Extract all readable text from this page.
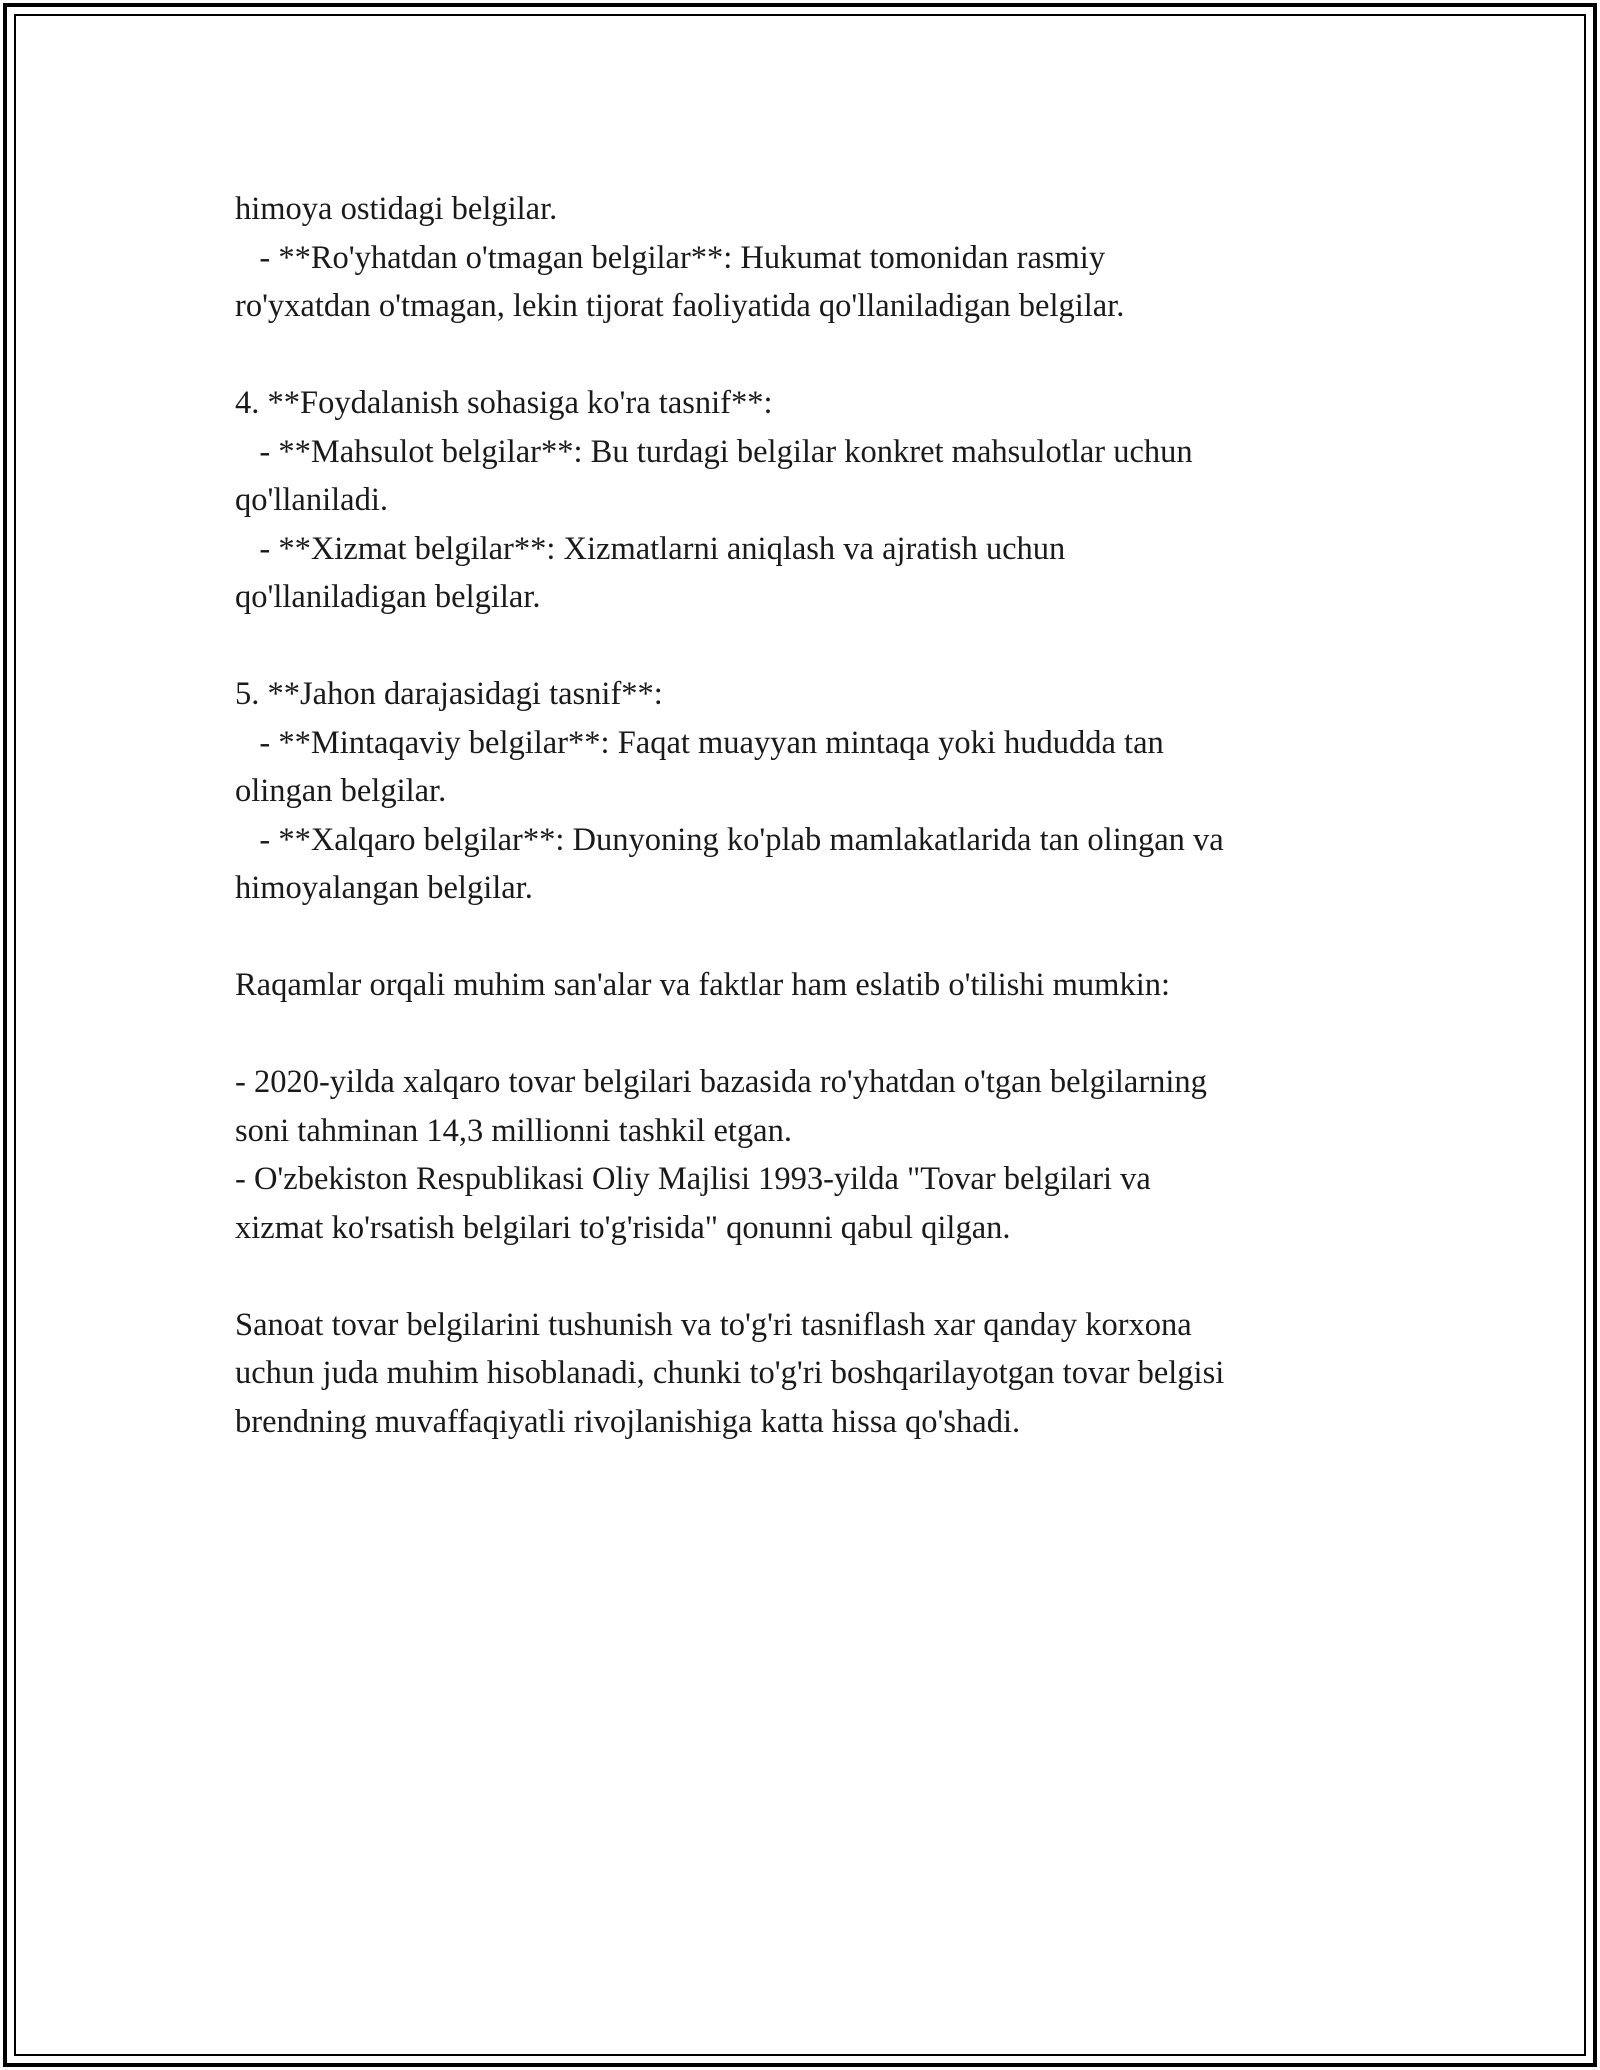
himoya ostidagi belgilar.
- **Ro'yhatdan o'tmagan belgilar**: Hukumat tomonidan rasmiy
ro'yxatdan o'tmagan, lekin tijorat faoliyatida qo'llaniladigan belgilar.
4. **Foydalanish sohasiga ko'ra tasnif**:
- **Mahsulot belgilar**: Bu turdagi belgilar konkret mahsulotlar uchun
qo'llaniladi.
- **Xizmat belgilar**: Xizmatlarni aniqlash va ajratish uchun
qo'llaniladigan belgilar.
5. **Jahon darajasidagi tasnif**:
- **Mintaqaviy belgilar**: Faqat muayyan mintaqa yoki hududda tan
olingan belgilar.
- **Xalqaro belgilar**: Dunyoning ko'plab mamlakatlarida tan olingan va
himoyalangan belgilar.
Raqamlar orqali muhim san'alar va faktlar ham eslatib o'tilishi mumkin:
- 2020-yilda xalqaro tovar belgilari bazasida ro'yhatdan o'tgan belgilarning
soni tahminan 14,3 millionni tashkil etgan.
- O'zbekiston Respublikasi Oliy Majlisi 1993-yilda "Tovar belgilari va
xizmat ko'rsatish belgilari to'g'risida" qonunni qabul qilgan.
Sanoat tovar belgilarini tushunish va to'g'ri tasniflash xar qanday korxona
uchun juda muhim hisoblanadi, chunki to'g'ri boshqarilayotgan tovar belgisi
brendning muvaffaqiyatli rivojlanishiga katta hissa qo'shadi.
